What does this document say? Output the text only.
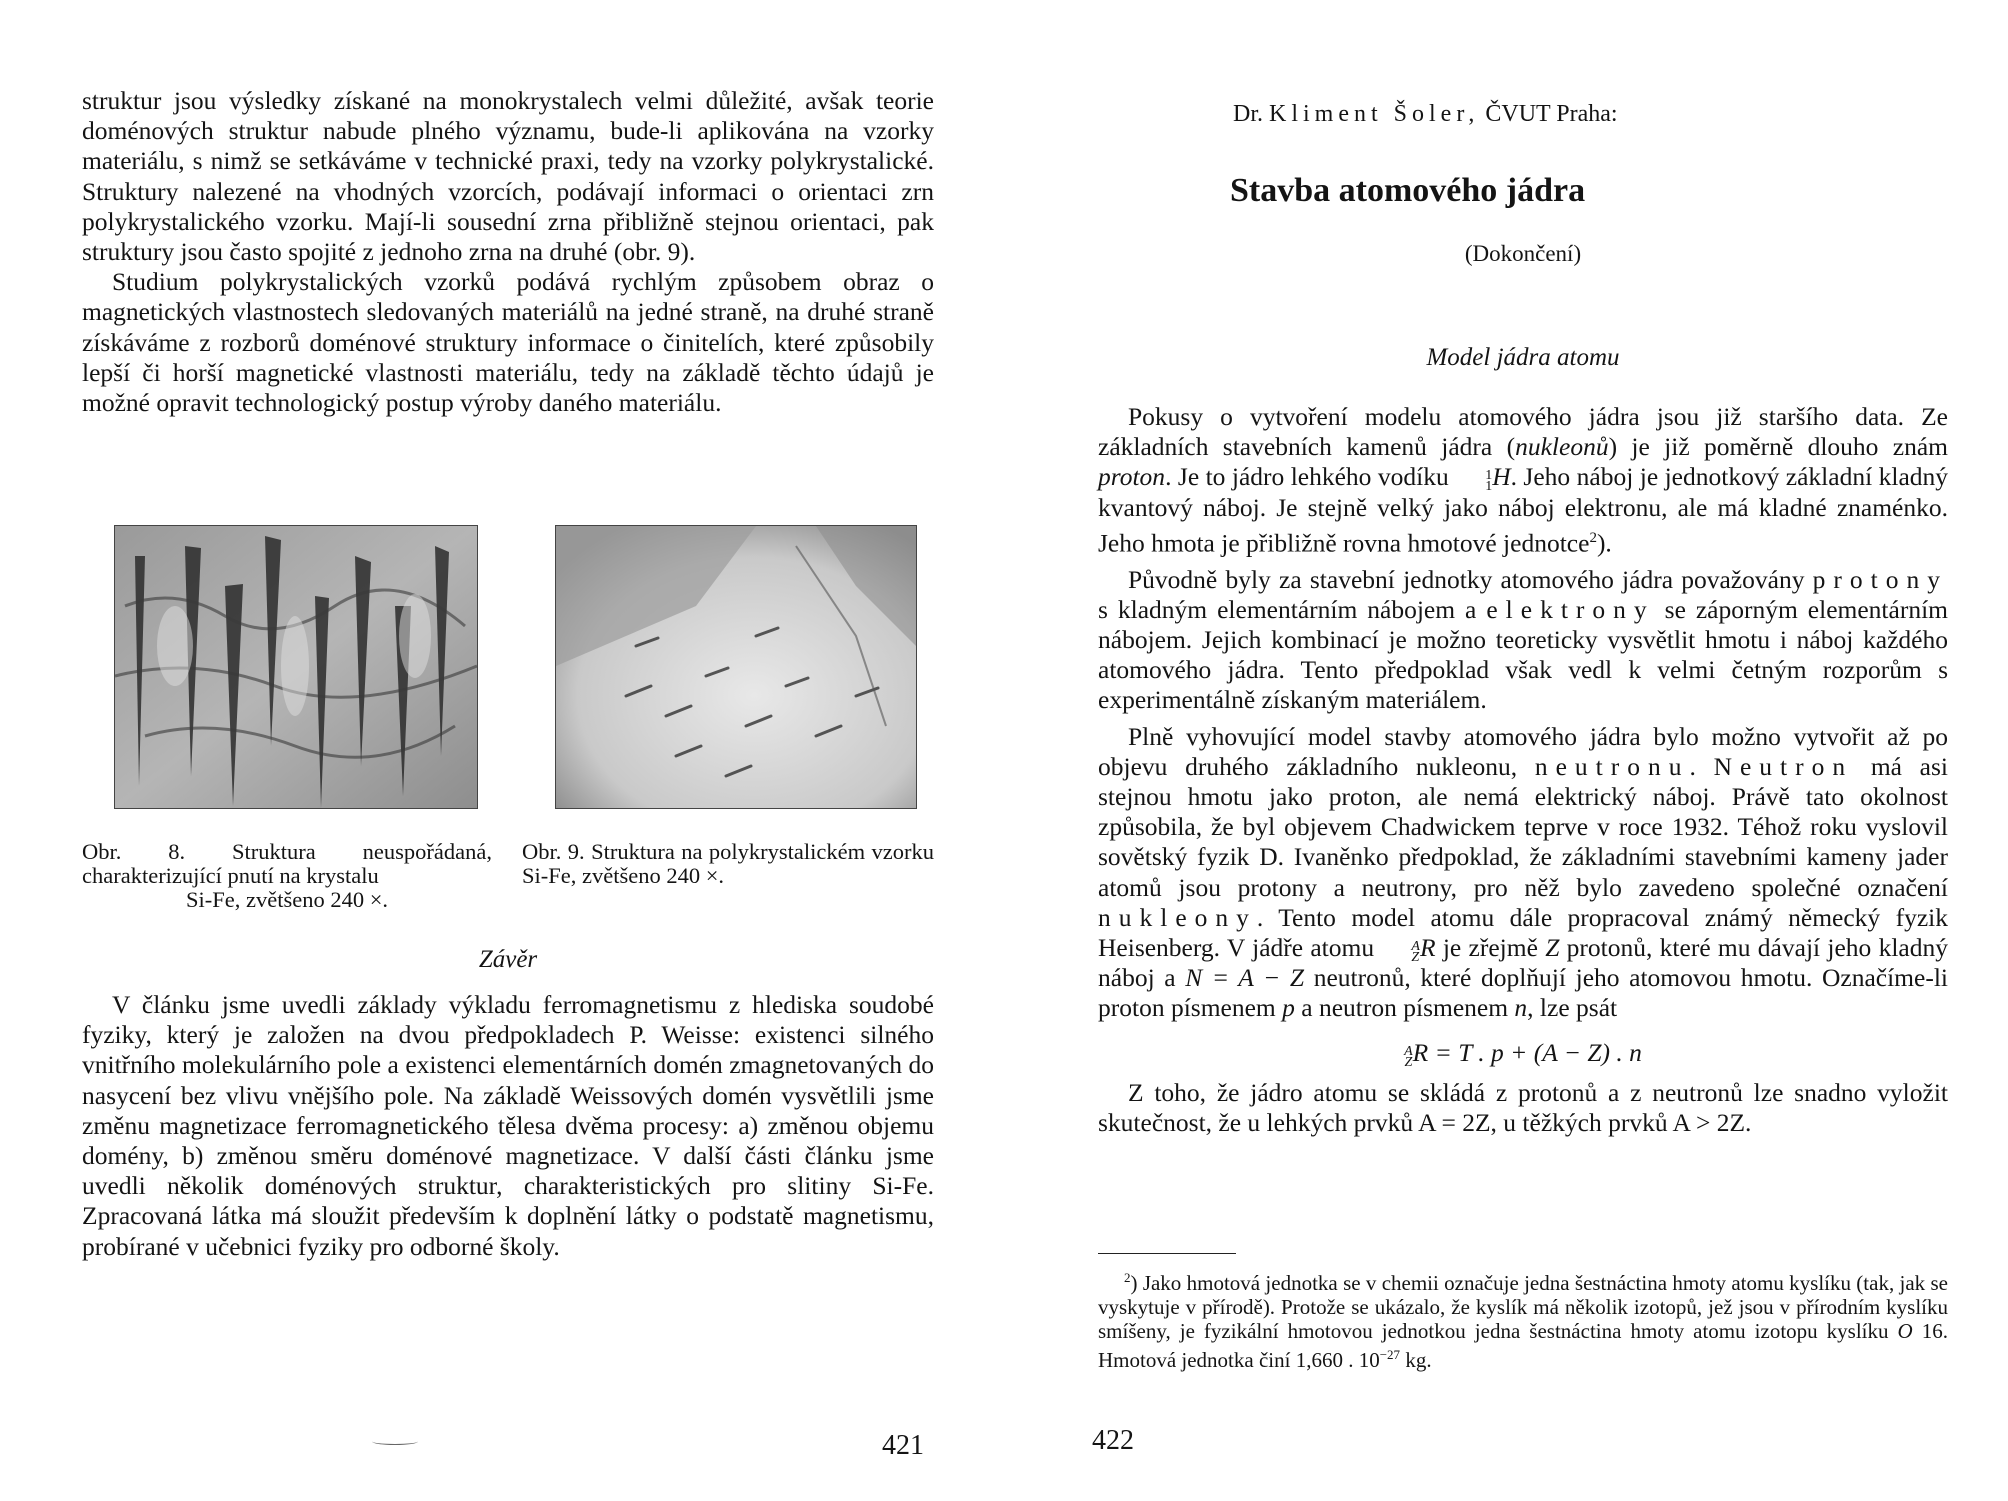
struktur jsou výsledky získané na monokrystalech velmi důležité, avšak teorie doménových struktur nabude plného významu, bude-li aplikována na vzorky materiálu, s nimž se setkáváme v technické praxi, tedy na vzorky polykrystalické. Struktury nalezené na vhodných vzorcích, podávají informaci o orientaci zrn polykrystalického vzorku. Mají-li sousední zrna přibližně stejnou orientaci, pak struktury jsou často spojité z jednoho zrna na druhé (obr. 9).

Studium polykrystalických vzorků podává rychlým způsobem obraz o magnetických vlastnostech sledovaných materiálů na jedné straně, na druhé straně získáváme z rozborů doménové struktury informace o činitelích, které způsobily lepší či horší magnetické vlastnosti materiálu, tedy na základě těchto údajů je možné opravit technologický postup výroby daného materiálu.

Obr. 8. Struktura neuspořádaná, charakterizující pnutí na krystalu
Si-Fe, zvětšeno 240 ×.
Obr. 9. Struktura na polykrystalickém vzorku Si-Fe, zvětšeno 240 ×.
Závěr

V článku jsme uvedli základy výkladu ferromagnetismu z hlediska soudobé fyziky, který je založen na dvou předpokladech P. Weisse: existenci silného vnitřního molekulárního pole a existenci elementárních domén zmagnetovaných do nasycení bez vlivu vnějšího pole. Na základě Weissových domén vysvětlili jsme změnu magnetizace ferromagnetického tělesa dvěma procesy: a) změnou objemu domény, b) změnou směru doménové magnetizace. V další části článku jsme uvedli několik doménových struktur, charakteristických pro slitiny Si-Fe. Zpracovaná látka má sloužit především k doplnění látky o podstatě magnetismu, probírané v učebnici fyziky pro odborné školy.

421
Dr. Kliment Šoler, ČVUT Praha:
Stavba atomového jádra
(Dokončení)
Model jádra atomu

Pokusy o vytvoření modelu atomového jádra jsou již staršího data. Ze základních stavebních kamenů jádra (nukleonů) je již poměrně dlouho znám proton. Je to jádro lehkého vodíku	1
1 H. Jeho náboj je jednotkový základní kladný kvantový náboj. Je stejně velký jako náboj elektronu, ale má kladné znaménko. Jeho hmota je přibližně rovna hmotové jednotce$^2$).

Původně byly za stavební jednotky atomového jádra považovány protony s kladným elementárním nábojem a elektrony se záporným elementárním nábojem. Jejich kombinací je možno teoreticky vysvětlit hmotu i náboj každého atomového jádra. Tento předpoklad však vedl k velmi četným rozporům s experimentálně získaným materiálem.

Plně vyhovující model stavby atomového jádra bylo možno vytvořit až po objevu druhého základního nukleonu, neutronu. Neutron má asi stejnou hmotu jako proton, ale nemá elektrický náboj. Právě tato okolnost způsobila, že byl objevem Chadwickem teprve v roce 1932. Téhož roku vyslovil sovětský fyzik D. Ivaněnko předpoklad, že základními stavebními kameny jader atomů jsou protony a neutrony, pro něž bylo zavedeno společné označení nukleony. Tento model atomu dále propracoval známý německý fyzik Heisenberg. V jádře atomu	A
Z R je zřejmě Z protonů, které mu dávají jeho kladný náboj a N = A − Z neutronů, které doplňují jeho atomovou hmotu. Označíme-li proton písmenem p a neutron písmenem n, lze psát

A
Z R = T . p + (A − Z) . n

Z toho, že jádro atomu se skládá z protonů a z neutronů lze snadno vyložit skutečnost, že u lehkých prvků A = 2Z, u těžkých prvků A > 2Z.

$^2$) Jako hmotová jednotka se v chemii označuje jedna šestnáctina hmoty atomu kyslíku (tak, jak se vyskytuje v přírodě). Protože se ukázalo, že kyslík má několik izotopů, jež jsou v přírodním kyslíku smíšeny, je fyzikální hmotovou jednotkou jedna šestnáctina hmoty atomu izotopu kyslíku O 16. Hmotová jednotka činí 1,660 . $10^{-27}$ kg.

422
